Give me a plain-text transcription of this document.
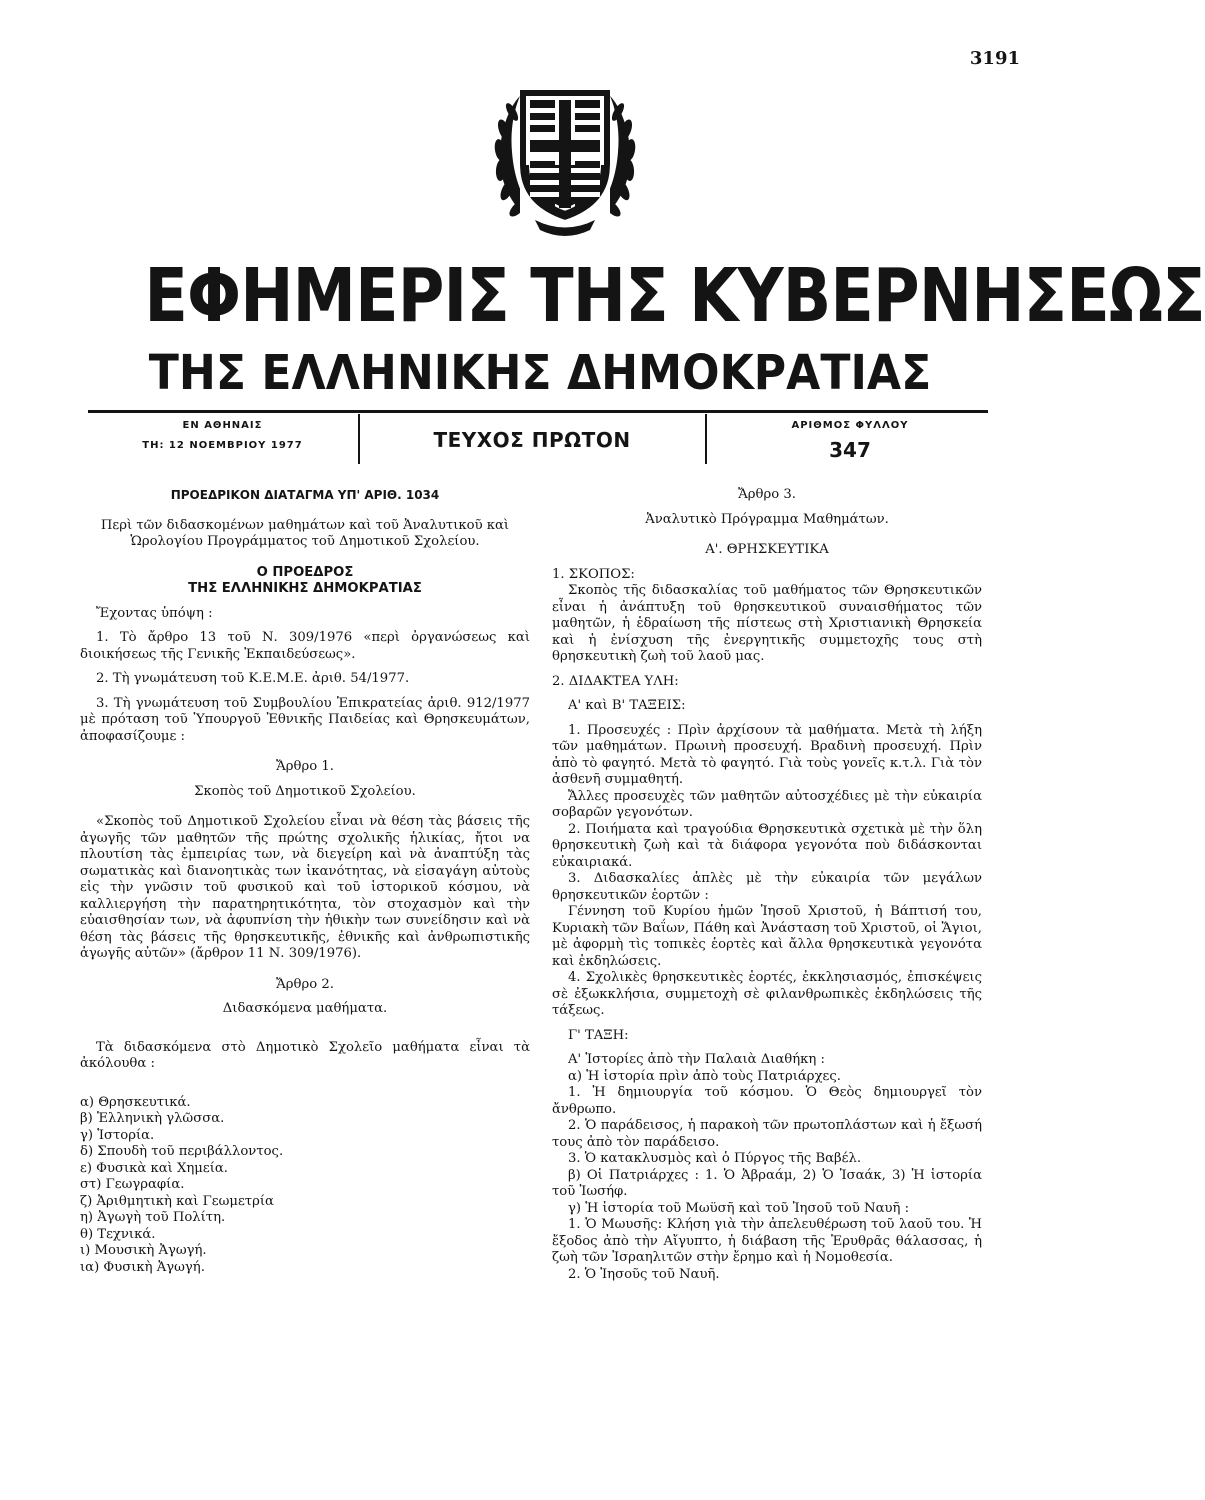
3191
ΕΦΗΜΕΡΙΣ ΤΗΣ ΚΥΒΕΡΝΗΣΕΩΣ
ΤΗΣ ΕΛΛΗΝΙΚΗΣ ΔΗΜΟΚΡΑΤΙΑΣ
ΕΝ ΑΘΗΝΑΙΣ
ΤΗ: 12 ΝΟΕΜΒΡΙΟΥ 1977	ΤΕΥΧΟΣ ΠΡΩΤΟΝ
ΑΡΙΘΜΟΣ ΦΥΛΛΟΥ
347

ΠΡΟΕΔΡΙΚΟΝ ΔΙΑΤΑΓΜΑ ΥΠ' ΑΡΙΘ. 1034

Περὶ τῶν διδασκομένων μαθημάτων καὶ τοῦ Ἀναλυτικοῦ καὶ Ὡρολογίου Προγράμματος τοῦ Δημοτικοῦ Σχολείου.

Ο ΠΡΟΕΔΡΟΣ

ΤΗΣ ΕΛΛΗΝΙΚΗΣ ΔΗΜΟΚΡΑΤΙΑΣ

Ἔχοντας ὑπόψη :

1. Τὸ ἄρθρο 13 τοῦ Ν. 309/1976 «περὶ ὀργανώσεως καὶ διοικήσεως τῆς Γενικῆς Ἐκπαιδεύσεως».

2. Τὴ γνωμάτευση τοῦ Κ.Ε.Μ.Ε. ἀριθ. 54/1977.

3. Τὴ γνωμάτευση τοῦ Συμβουλίου Ἐπικρατείας ἀριθ. 912/1977 μὲ πρόταση τοῦ Ὑπουργοῦ Ἐθνικῆς Παιδείας καὶ Θρησκευμάτων, ἀποφασίζουμε :

Ἄρθρο 1.

Σκοπὸς τοῦ Δημοτικοῦ Σχολείου.

«Σκοπὸς τοῦ Δημοτικοῦ Σχολείου εἶναι νὰ θέση τὰς βάσεις τῆς ἀγωγῆς τῶν μαθητῶν τῆς πρώτης σχολικῆς ἡλικίας, ἤτοι να πλουτίση τὰς ἐμπειρίας των, νὰ διεγείρη καὶ νὰ ἀναπτύξη τὰς σωματικὰς καὶ διανοητικὰς των ἱκανότητας, νὰ εἰσαγάγη αὐτοὺς εἰς τὴν γνῶσιν τοῦ φυσικοῦ καὶ τοῦ ἱστορικοῦ κόσμου, νὰ καλλιεργήση τὴν παρατηρητικότητα, τὸν στοχασμὸν καὶ τὴν εὐαισθησίαν των, νὰ ἀφυπνίση τὴν ἠθικὴν των συνείδησιν καὶ νὰ θέση τὰς βάσεις τῆς θρησκευτικῆς, ἐθνικῆς καὶ ἀνθρωπιστικῆς ἀγωγῆς αὐτῶν» (ἄρθρον 11 Ν. 309/1976).

Ἄρθρο 2.

Διδασκόμενα μαθήματα.

Τὰ διδασκόμενα στὸ Δημοτικὸ Σχολεῖο μαθήματα εἶναι τὰ ἀκόλουθα :

α) Θρησκευτικά.

β) Ἑλληνικὴ γλῶσσα.

γ) Ἱστορία.

δ) Σπουδὴ τοῦ περιβάλλοντος.

ε) Φυσικὰ καὶ Χημεία.

στ) Γεωγραφία.

ζ) Ἀριθμητικὴ καὶ Γεωμετρία

η) Ἀγωγὴ τοῦ Πολίτη.

θ) Τεχνικά.

ι) Μουσικὴ Ἀγωγή.

ια) Φυσικὴ Ἀγωγή.

Ἄρθρο 3.

Ἀναλυτικὸ Πρόγραμμα Μαθημάτων.

Α'. ΘΡΗΣΚΕΥΤΙΚΑ

1. ΣΚΟΠΟΣ:

Σκοπὸς τῆς διδασκαλίας τοῦ μαθήματος τῶν Θρησκευτικῶν εἶναι ἡ ἀνάπτυξη τοῦ θρησκευτικοῦ συναισθήματος τῶν μαθητῶν, ἡ ἑδραίωση τῆς πίστεως στὴ Χριστιανικὴ Θρησκεία καὶ ἡ ἐνίσχυση τῆς ἐνεργητικῆς συμμετοχῆς τους στὴ θρησκευτικὴ ζωὴ τοῦ λαοῦ μας.

2. ΔΙΔΑΚΤΕΑ ΥΛΗ:

Α' καὶ Β' ΤΑΞΕΙΣ:

1. Προσευχές : Πρὶν ἀρχίσουν τὰ μαθήματα. Μετὰ τὴ λήξη τῶν μαθημάτων. Πρωινὴ προσευχή. Βραδινὴ προσευχή. Πρὶν ἀπὸ τὸ φαγητό. Μετὰ τὸ φαγητό. Γιὰ τοὺς γονεῖς κ.τ.λ. Γιὰ τὸν ἀσθενῆ συμμαθητή.

Ἄλλες προσευχὲς τῶν μαθητῶν αὐτοσχέδιες μὲ τὴν εὐκαιρία σοβαρῶν γεγονότων.

2. Ποιήματα καὶ τραγούδια Θρησκευτικὰ σχετικὰ μὲ τὴν ὅλη θρησκευτικὴ ζωὴ καὶ τὰ διάφορα γεγονότα ποὺ διδάσκονται εὐκαιριακά.

3. Διδασκαλίες ἁπλὲς μὲ τὴν εὐκαιρία τῶν μεγάλων θρησκευτικῶν ἑορτῶν :

Γέννηση τοῦ Κυρίου ἡμῶν Ἰησοῦ Χριστοῦ, ἡ Βάπτισή του, Κυριακὴ τῶν Βαΐων, Πάθη καὶ Ἀνάσταση τοῦ Χριστοῦ, οἱ Ἅγιοι, μὲ ἀφορμὴ τὶς τοπικὲς ἑορτὲς καὶ ἄλλα θρησκευτικὰ γεγονότα καὶ ἐκδηλώσεις.

4. Σχολικὲς θρησκευτικὲς ἑορτές, ἐκκλησιασμός, ἐπισκέψεις σὲ ἐξωκκλήσια, συμμετοχὴ σὲ φιλανθρωπικὲς ἐκδηλώσεις τῆς τάξεως.

Γ' ΤΑΞΗ:

Α' Ἱστορίες ἀπὸ τὴν Παλαιὰ Διαθήκη :

α) Ἡ ἱστορία πρὶν ἀπὸ τοὺς Πατριάρχες.

1. Ἡ δημιουργία τοῦ κόσμου. Ὁ Θεὸς δημιουργεῖ τὸν ἄνθρωπο.

2. Ὁ παράδεισος, ἡ παρακοὴ τῶν πρωτοπλάστων καὶ ἡ ἔξωσή τους ἀπὸ τὸν παράδεισο.

3. Ὁ κατακλυσμὸς καὶ ὁ Πύργος τῆς Βαβέλ.

β) Οἱ Πατριάρχες : 1. Ὁ Ἀβραάμ, 2) Ὁ Ἰσαάκ, 3) Ἡ ἱστορία τοῦ Ἰωσήφ.

γ) Ἡ ἱστορία τοῦ Μωϋσῆ καὶ τοῦ Ἰησοῦ τοῦ Ναυῆ :

1. Ὁ Μωυσῆς: Κλήση γιὰ τὴν ἀπελευθέρωση τοῦ λαοῦ του. Ἡ ἔξοδος ἀπὸ τὴν Αἴγυπτο, ἡ διάβαση τῆς Ἐρυθρᾶς θάλασσας, ἡ ζωὴ τῶν Ἰσραηλιτῶν στὴν ἔρημο καὶ ἡ Νομοθεσία.

2. Ὁ Ἰησοῦς τοῦ Ναυῆ.
